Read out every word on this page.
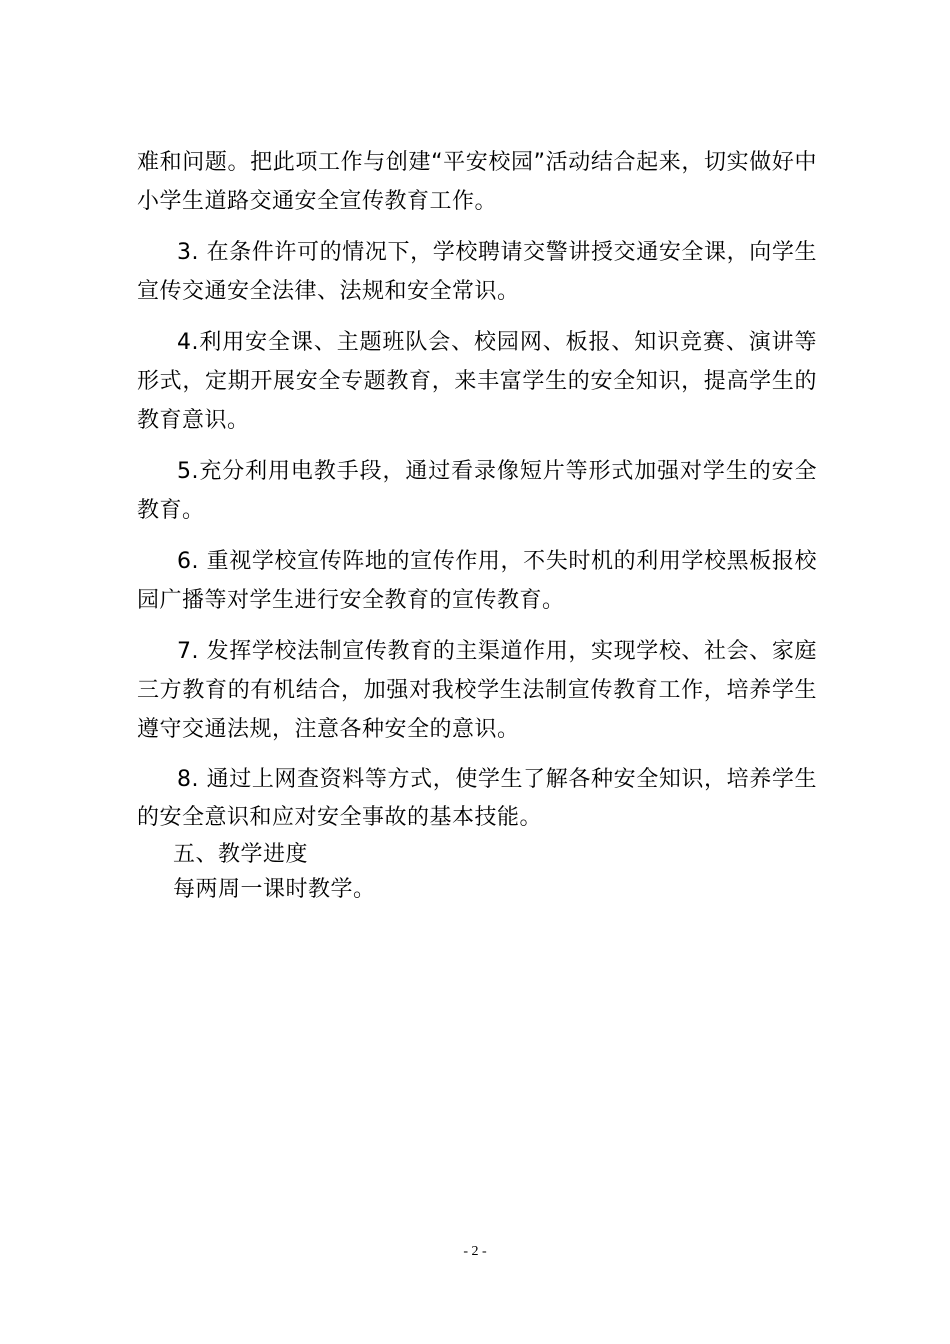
难和问题。把此项工作与创建“平安校园”活动结合起来，切实做好中小学生道路交通安全宣传教育工作。

3. 在条件许可的情况下，学校聘请交警讲授交通安全课，向学生宣传交通安全法律、法规和安全常识。

4.利用安全课、主题班队会、校园网、板报、知识竞赛、演讲等形式，定期开展安全专题教育，来丰富学生的安全知识，提高学生的教育意识。

5.充分利用电教手段，通过看录像短片等形式加强对学生的安全教育。

6. 重视学校宣传阵地的宣传作用，不失时机的利用学校黑板报校园广播等对学生进行安全教育的宣传教育。

7. 发挥学校法制宣传教育的主渠道作用，实现学校、社会、家庭三方教育的有机结合，加强对我校学生法制宣传教育工作，培养学生遵守交通法规，注意各种安全的意识。

8. 通过上网查资料等方式，使学生了解各种安全知识，培养学生的安全意识和应对安全事故的基本技能。

五、教学进度

每两周一课时教学。

- 2 -
